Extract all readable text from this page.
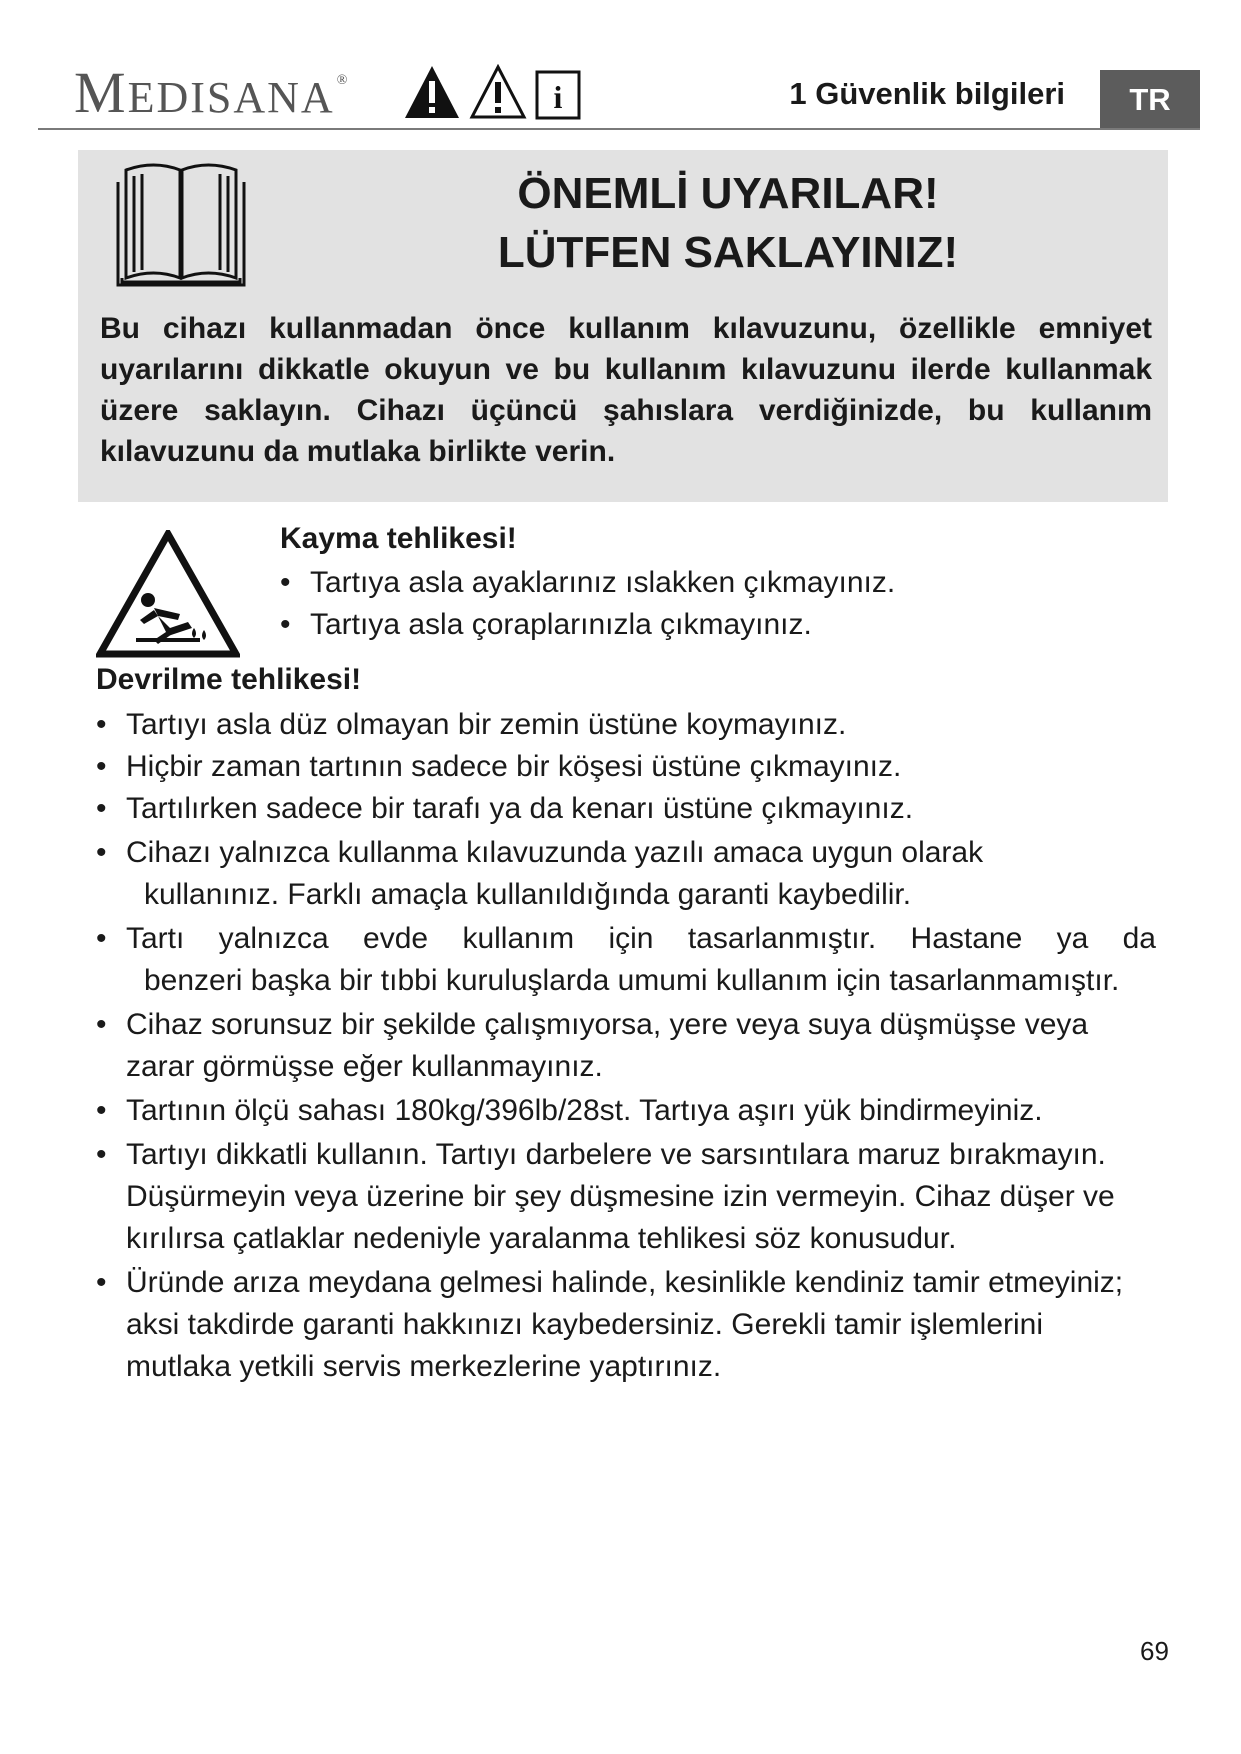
MEDISANA ®	i	1 Güvenlik bilgileri	TR
ÖNEMLİ UYARILAR!
LÜTFEN SAKLAYINIZ!
Bu cihazı kullanmadan önce kullanım kılavuzunu, özellikle emniyet uyarılarını dikkatle okuyun ve bu kullanım kılavuzunu ilerde kullanmak üzere saklayın. Cihazı üçüncü şahıslara verdiğinizde, bu kullanım kılavuzunu da mutlaka birlikte verin.
Kayma tehlikesi!
• Tartıya asla ayaklarınız ıslakken çıkmayınız.
• Tartıya asla çoraplarınızla çıkmayınız.
Devrilme tehlikesi!
• Tartıyı asla düz olmayan bir zemin üstüne koymayınız.
• Hiçbir zaman tartının sadece bir köşesi üstüne çıkmayınız.
• Tartılırken sadece bir tarafı ya da kenarı üstüne çıkmayınız.
• Cihazı yalnızca kullanma kılavuzunda yazılı amaca uygun olarak
kullanınız. Farklı amaçla kullanıldığında garanti kaybedilir.
• Tartı yalnızca evde kullanım için tasarlanmıştır. Hastane ya da
benzeri başka bir tıbbi kuruluşlarda umumi kullanım için tasarlanmamıştır.
• Cihaz sorunsuz bir şekilde çalışmıyorsa, yere veya suya düşmüşse veya zarar görmüşse eğer kullanmayınız.
• Tartının ölçü sahası 180kg/396lb/28st. Tartıya aşırı yük bindirmeyiniz.
• Tartıyı dikkatli kullanın. Tartıyı darbelere ve sarsıntılara maruz bırakmayın. Düşürmeyin veya üzerine bir şey düşmesine izin vermeyin. Cihaz düşer ve kırılırsa çatlaklar nedeniyle yaralanma tehlikesi söz konusudur.
• Üründe arıza meydana gelmesi halinde, kesinlikle kendiniz tamir etmeyiniz; aksi takdirde garanti hakkınızı kaybedersiniz. Gerekli tamir işlemlerini mutlaka yetkili servis merkezlerine yaptırınız.
69
